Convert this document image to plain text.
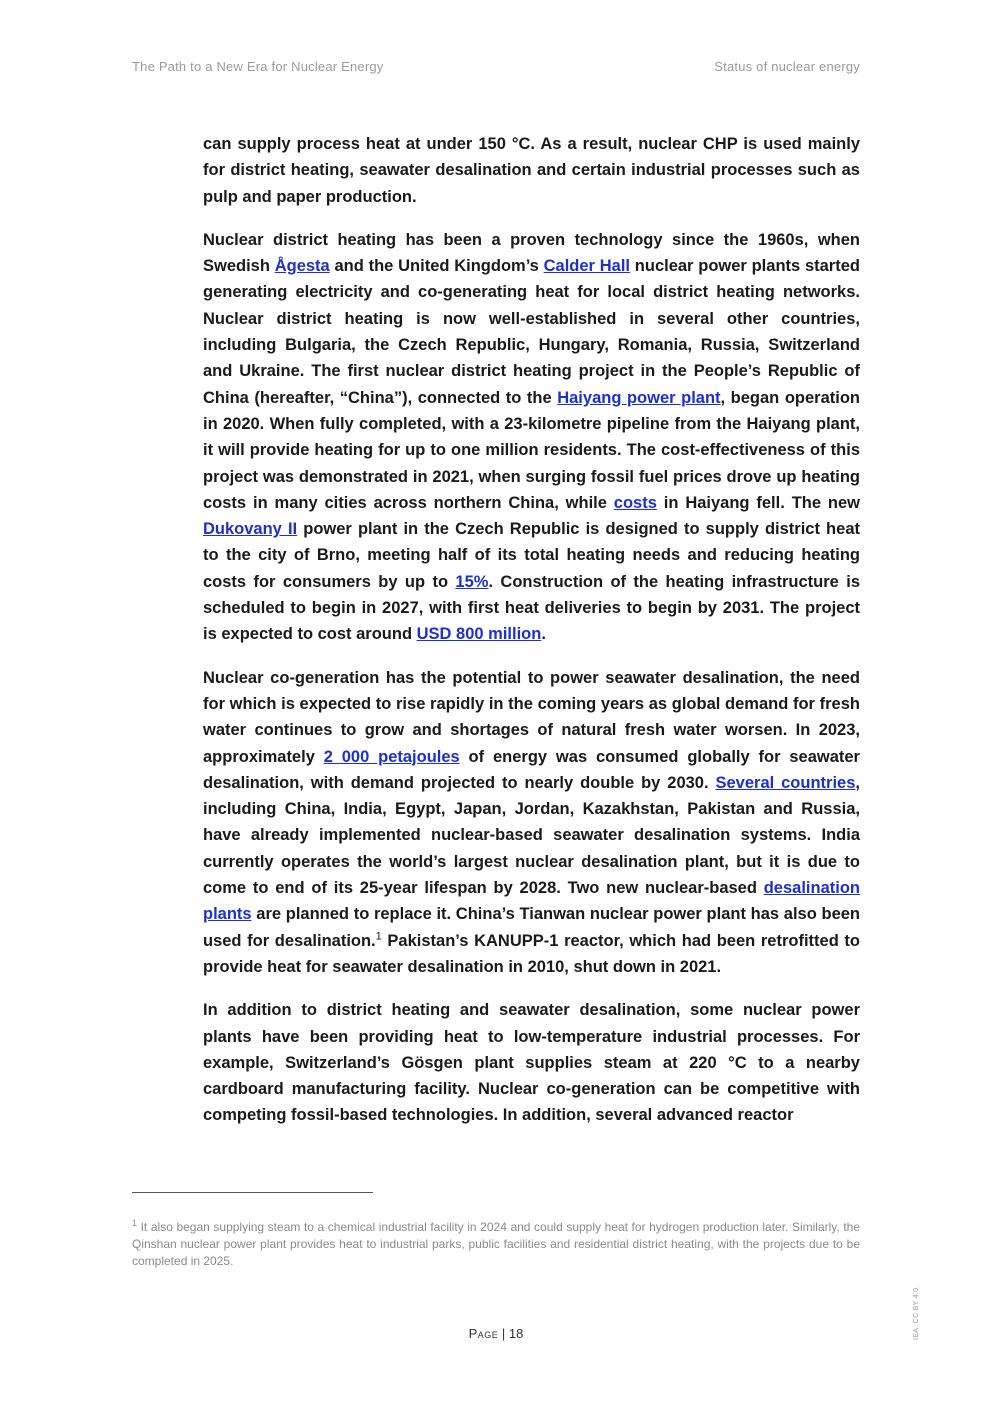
The Path to a New Era for Nuclear Energy	Status of nuclear energy

can supply process heat at under 150 °C. As a result, nuclear CHP is used mainly for district heating, seawater desalination and certain industrial processes such as pulp and paper production.

Nuclear district heating has been a proven technology since the 1960s, when Swedish Ågesta and the United Kingdom’s Calder Hall nuclear power plants started generating electricity and co-generating heat for local district heating networks. Nuclear district heating is now well-established in several other countries, including Bulgaria, the Czech Republic, Hungary, Romania, Russia, Switzerland and Ukraine. The first nuclear district heating project in the People’s Republic of China (hereafter, “China”), connected to the Haiyang power plant, began operation in 2020. When fully completed, with a 23-kilometre pipeline from the Haiyang plant, it will provide heating for up to one million residents. The cost-effectiveness of this project was demonstrated in 2021, when surging fossil fuel prices drove up heating costs in many cities across northern China, while costs in Haiyang fell. The new Dukovany II power plant in the Czech Republic is designed to supply district heat to the city of Brno, meeting half of its total heating needs and reducing heating costs for consumers by up to 15%. Construction of the heating infrastructure is scheduled to begin in 2027, with first heat deliveries to begin by 2031. The project is expected to cost around USD 800 million.

Nuclear co-generation has the potential to power seawater desalination, the need for which is expected to rise rapidly in the coming years as global demand for fresh water continues to grow and shortages of natural fresh water worsen. In 2023, approximately 2 000 petajoules of energy was consumed globally for seawater desalination, with demand projected to nearly double by 2030. Several countries, including China, India, Egypt, Japan, Jordan, Kazakhstan, Pakistan and Russia, have already implemented nuclear-based seawater desalination systems. India currently operates the world’s largest nuclear desalination plant, but it is due to come to end of its 25-year lifespan by 2028. Two new nuclear-based desalination plants are planned to replace it. China’s Tianwan nuclear power plant has also been used for desalination.$^1$ Pakistan’s KANUPP-1 reactor, which had been retrofitted to provide heat for seawater desalination in 2010, shut down in 2021.

In addition to district heating and seawater desalination, some nuclear power plants have been providing heat to low-temperature industrial processes. For example, Switzerland’s Gösgen plant supplies steam at 220 °C to a nearby cardboard manufacturing facility. Nuclear co-generation can be competitive with competing fossil-based technologies. In addition, several advanced reactor

$^1$ It also began supplying steam to a chemical industrial facility in 2024 and could supply heat for hydrogen production later. Similarly, the Qinshan nuclear power plant provides heat to industrial parks, public facilities and residential district heating, with the projects due to be completed in 2025.
Page | 18	IEA. CC BY 4.0.
